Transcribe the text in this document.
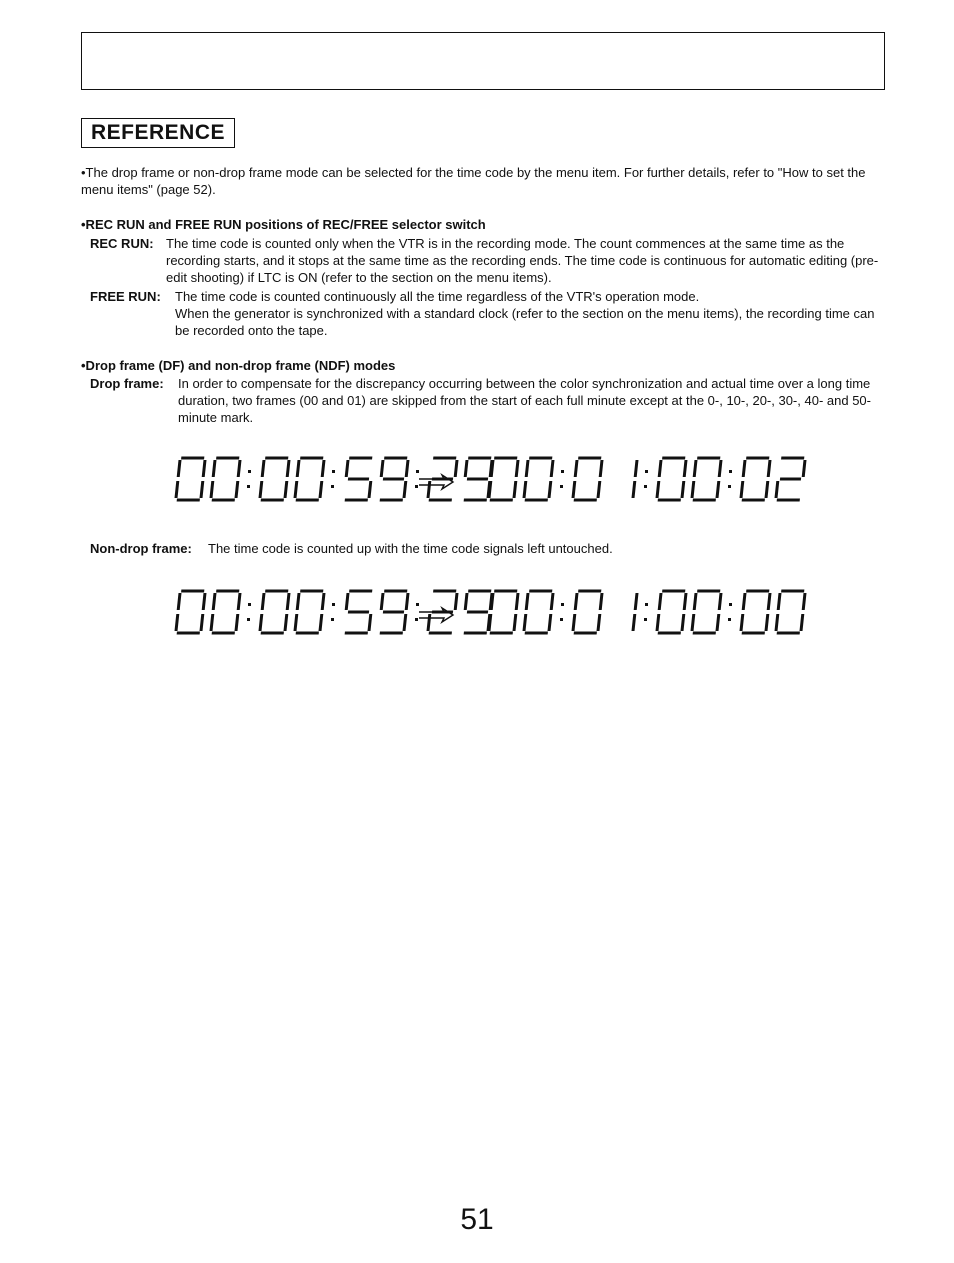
REFERENCE
•The drop frame or non-drop frame mode can be selected for the time code by the menu item. For further details, refer to "How to set the menu items" (page 52).
•REC RUN and FREE RUN positions of REC/FREE selector switch
REC RUN: The time code is counted only when the VTR is in the recording mode. The count commences at the same time as the recording starts, and it stops at the same time as the recording ends. The time code is continuous for automatic editing (pre-edit shooting) if LTC is ON (refer to the section on the menu items).
FREE RUN: The time code is counted continuously all the time regardless of the VTR's operation mode.
When the generator is synchronized with a standard clock (refer to the section on the menu items), the recording time can be recorded onto the tape.
•Drop frame (DF) and non-drop frame (NDF) modes
Drop frame: In order to compensate for the discrepancy occurring between the color synchronization and actual time over a long time duration, two frames (00 and 01) are skipped from the start of each full minute except at the 0-, 10-, 20-, 30-, 40- and 50-minute mark.
Non-drop frame: The time code is counted up with the time code signals left untouched.
51
